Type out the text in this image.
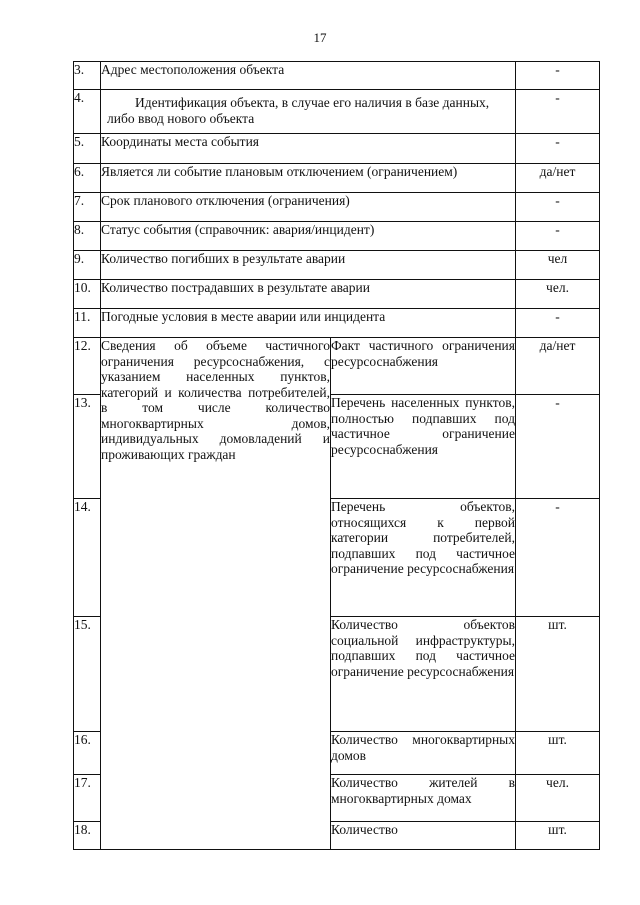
17
3.	Адрес местоположения объекта		-
4.	Идентификация объекта, в случае его наличия в базе данных, либо ввод нового объекта		-
5.	Координаты места события		-
6.	Является ли событие плановым отключением (ограничением)		да/нет
7.	Срок планового отключения (ограничения)		-
8.	Статус события (справочник: авария/инцидент)		-
9.	Количество погибших в результате аварии		чел
10.	Количество пострадавших в результате аварии		чел.
11.	Погодные условия в месте аварии или инцидента		-
12.	Сведения об объеме частичного ограничения ресурсоснабжения, с указанием населенных пунктов, категорий и количества потребителей, в том числе количество многоквартирных домов, индивидуальных домовладений и проживающих граждан	Факт частичного ограничения ресурсоснабжения	да/нет
13.		Перечень населенных пунктов, полностью подпавших под частичное ограничение ресурсоснабжения	-
14.		Перечень объектов, относящихся к первой категории потребителей, подпавших под частичное ограничение ресурсоснабжения	-
15.		Количество объектов социальной инфраструктуры, подпавших под частичное ограничение ресурсоснабжения	шт.
16.		Количество многоквартирных домов	шт.
17.		Количество жителей в многоквартирных домах	чел.
18.		Количество	шт.
